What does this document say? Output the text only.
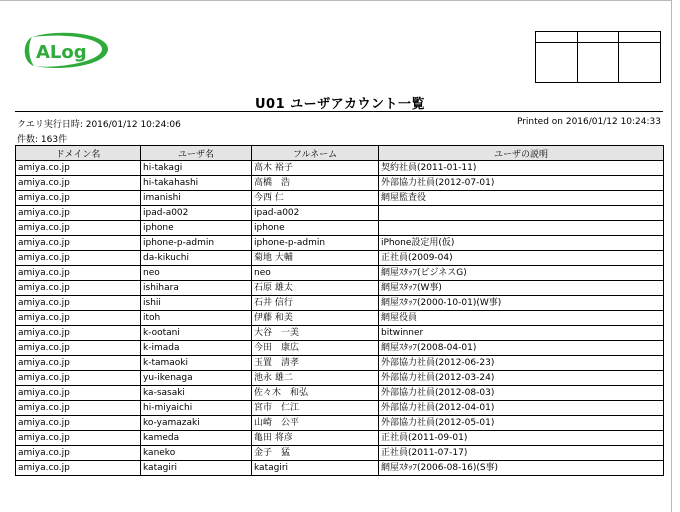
ALog

U01 ユーザアカウント一覧
クエリ実行日時: 2016/01/12 10:24:06	Printed on 2016/01/12 10:24:33
件数: 163件
ドメイン名	ユーザ名	フルネーム	ユーザの説明
amiya.co.jp	hi-takagi	高木 裕子	契約社員(2011-01-11)
amiya.co.jp	hi-takahashi	高橋　浩	外部協力社員(2012-07-01)
amiya.co.jp	imanishi	今西 仁	網屋監査役
amiya.co.jp	ipad-a002	ipad-a002	
amiya.co.jp	iphone	iphone	
amiya.co.jp	iphone-p-admin	iphone-p-admin	iPhone設定用(仮)
amiya.co.jp	da-kikuchi	菊地 大輔	正社員(2009-04)
amiya.co.jp	neo	neo	網屋ｽﾀｯﾌ(ビジネスG)
amiya.co.jp	ishihara	石原 雄太	網屋ｽﾀｯﾌ(W事)
amiya.co.jp	ishii	石井 信行	網屋ｽﾀｯﾌ(2000-10-01)(W事)
amiya.co.jp	itoh	伊藤 和美	網屋役員
amiya.co.jp	k-ootani	大谷　一美	bitwinner
amiya.co.jp	k-imada	今田　康広	網屋ｽﾀｯﾌ(2008-04-01)
amiya.co.jp	k-tamaoki	玉置　清孝	外部協力社員(2012-06-23)
amiya.co.jp	yu-ikenaga	池永 雄二	外部協力社員(2012-03-24)
amiya.co.jp	ka-sasaki	佐々木　和弘	外部協力社員(2012-08-03)
amiya.co.jp	hi-miyaichi	宮市　仁江	外部協力社員(2012-04-01)
amiya.co.jp	ko-yamazaki	山崎　公平	外部協力社員(2012-05-01)
amiya.co.jp	kameda	亀田 将彦	正社員(2011-09-01)
amiya.co.jp	kaneko	金子　猛	正社員(2011-07-17)
amiya.co.jp	katagiri	katagiri	網屋ｽﾀｯﾌ(2006-08-16)(S事)
